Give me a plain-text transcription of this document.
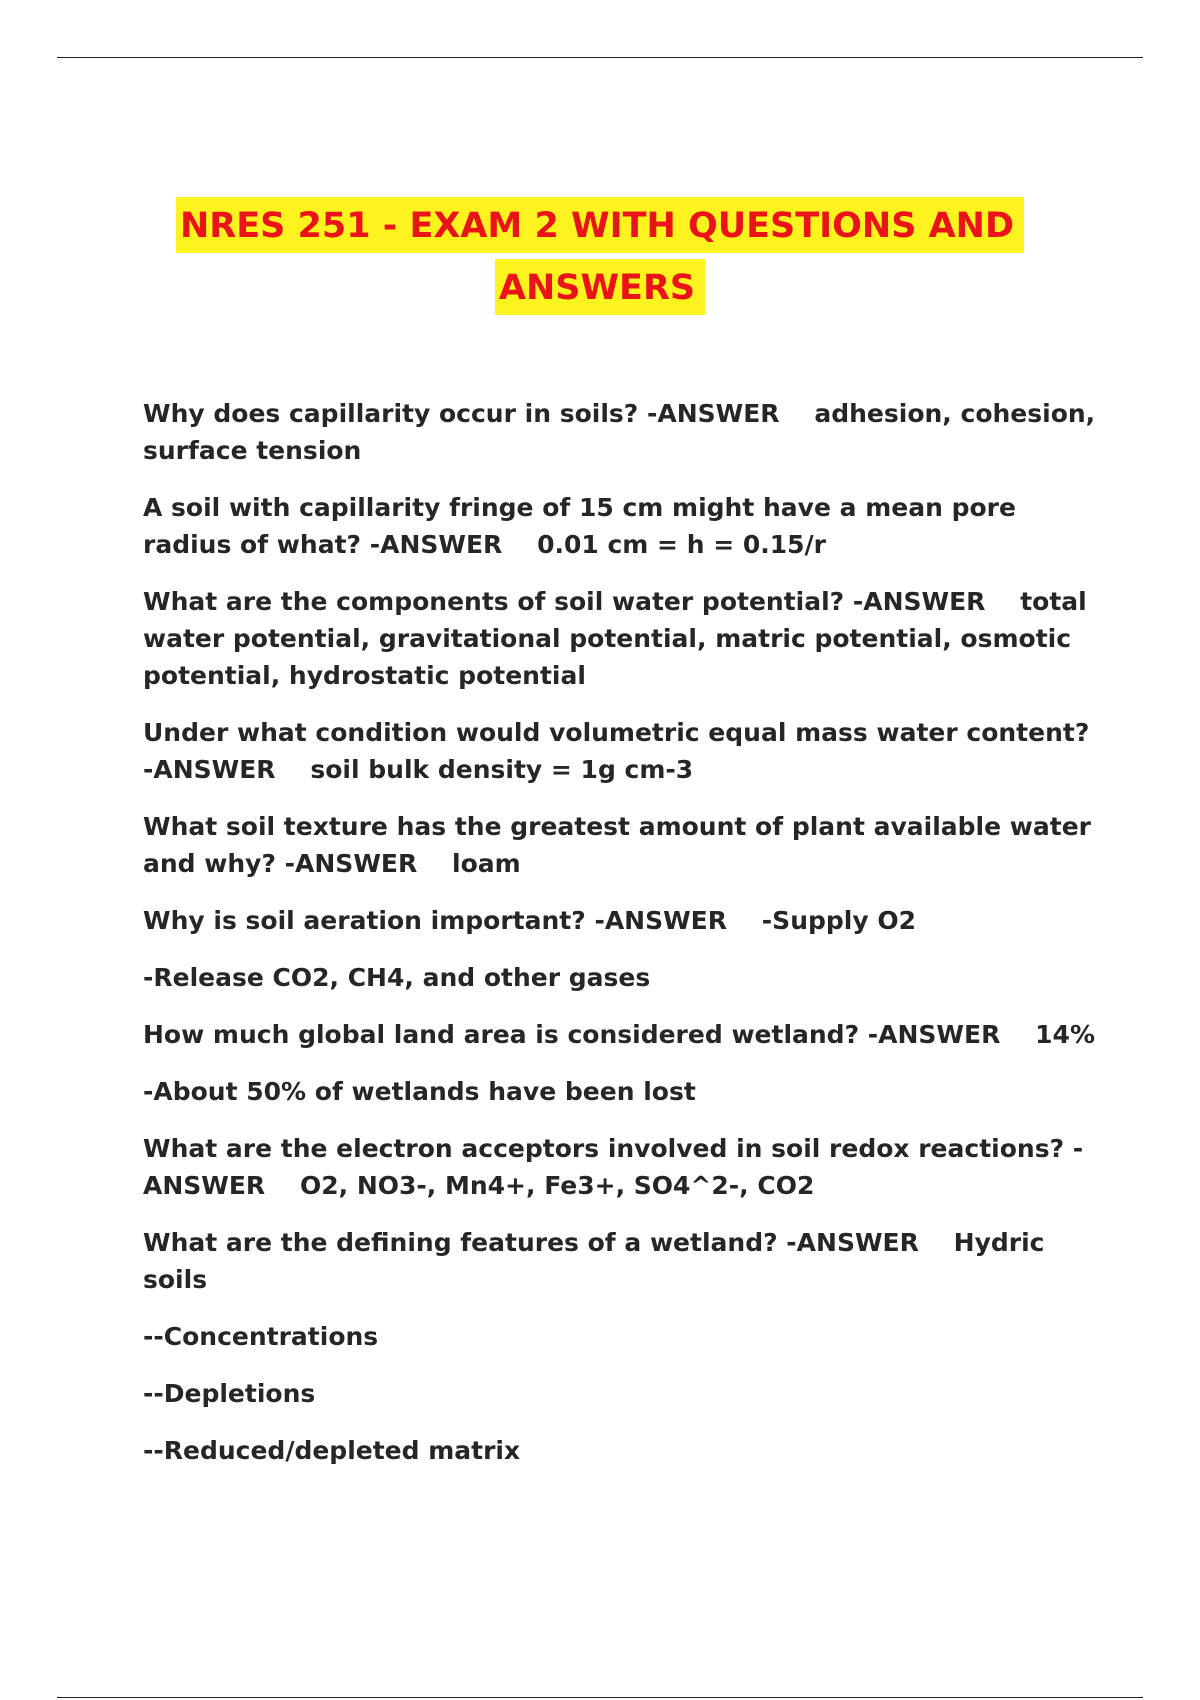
NRES 251 - EXAM 2 WITH QUESTIONS AND
ANSWERS

Why does capillarity occur in soils? -ANSWER    adhesion, cohesion, surface tension

A soil with capillarity fringe of 15 cm might have a mean pore radius of what? -ANSWER    0.01 cm = h = 0.15/r

What are the components of soil water potential? -ANSWER    total water potential, gravitational potential, matric potential, osmotic potential, hydrostatic potential

Under what condition would volumetric equal mass water content? -ANSWER    soil bulk density = 1g cm-3

What soil texture has the greatest amount of plant available water and why? -ANSWER    loam

Why is soil aeration important? -ANSWER    -Supply O2

-Release CO2, CH4, and other gases

How much global land area is considered wetland? -ANSWER    14%

-About 50% of wetlands have been lost

What are the electron acceptors involved in soil redox reactions? -ANSWER    O2, NO3-, Mn4+, Fe3+, SO4^2-, CO2

What are the defining features of a wetland? -ANSWER    Hydric soils

--Concentrations

--Depletions

--Reduced/depleted matrix
